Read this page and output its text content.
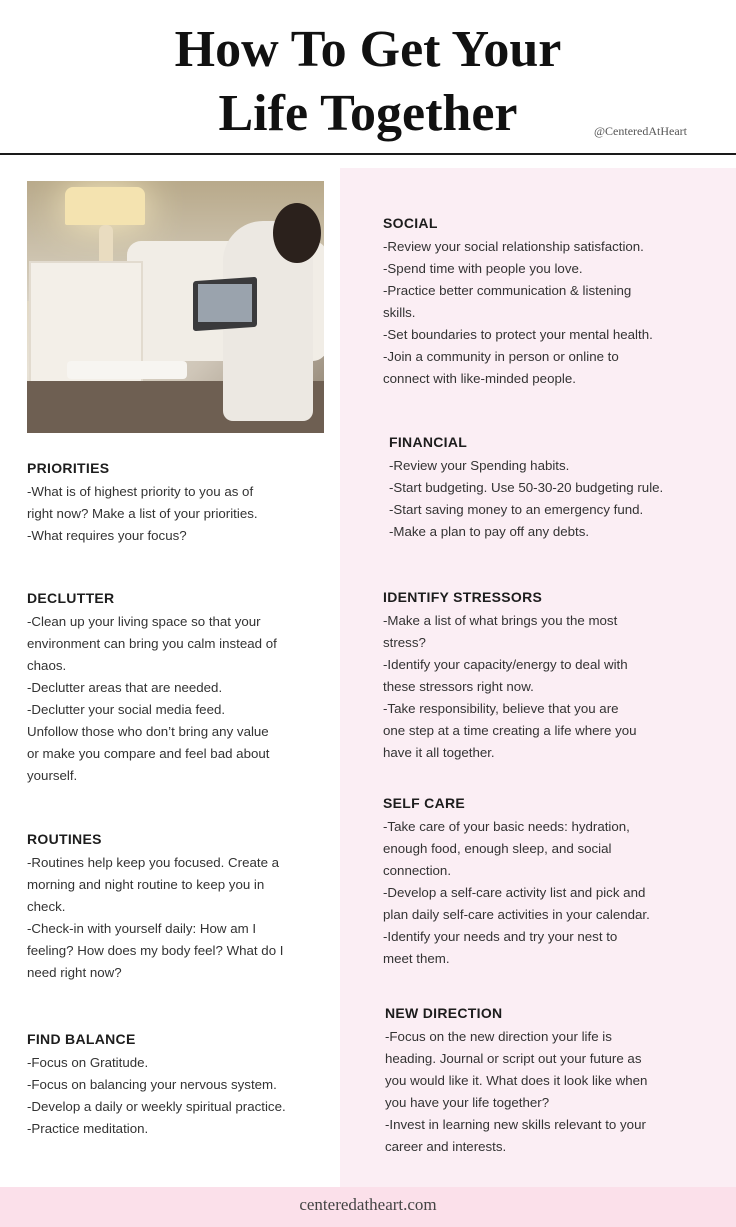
How To Get Your
Life Together	@CenteredAtHeart
PRIORITIES
-What is of highest priority to you as of
right now? Make a list of your priorities.
-What requires your focus?
DECLUTTER
-Clean up your living space so that your
environment can bring you calm instead of
chaos.
-Declutter areas that are needed.
-Declutter your social media feed.
Unfollow those who don’t bring any value
or make you compare and feel bad about
yourself.
ROUTINES
-Routines help keep you focused. Create a
morning and night routine to keep you in
check.
-Check-in with yourself daily: How am I
feeling? How does my body feel? What do I
need right now?
FIND BALANCE
-Focus on Gratitude.
-Focus on balancing your nervous system.
-Develop a daily or weekly spiritual practice.
-Practice meditation.
SOCIAL
-Review your social relationship satisfaction.
-Spend time with people you love.
-Practice better communication & listening
skills.
-Set boundaries to protect your mental health.
-Join a community in person or online to
connect with like-minded people.
FINANCIAL
-Review your Spending habits.
-Start budgeting. Use 50-30-20 budgeting rule.
-Start saving money to an emergency fund.
-Make a plan to pay off any debts.
IDENTIFY STRESSORS
-Make a list of what brings you the most
stress?
-Identify your capacity/energy to deal with
these stressors right now.
-Take responsibility, believe that you are
one step at a time creating a life where you
have it all together.
SELF CARE
-Take care of your basic needs: hydration,
enough food, enough sleep, and social
connection.
-Develop a self-care activity list and pick and
plan daily self-care activities in your calendar.
-Identify your needs and try your nest to
meet them.
NEW DIRECTION
-Focus on the new direction your life is
heading. Journal or script out your future as
you would like it. What does it look like when
you have your life together?
-Invest in learning new skills relevant to your
career and interests.
centeredatheart.com
